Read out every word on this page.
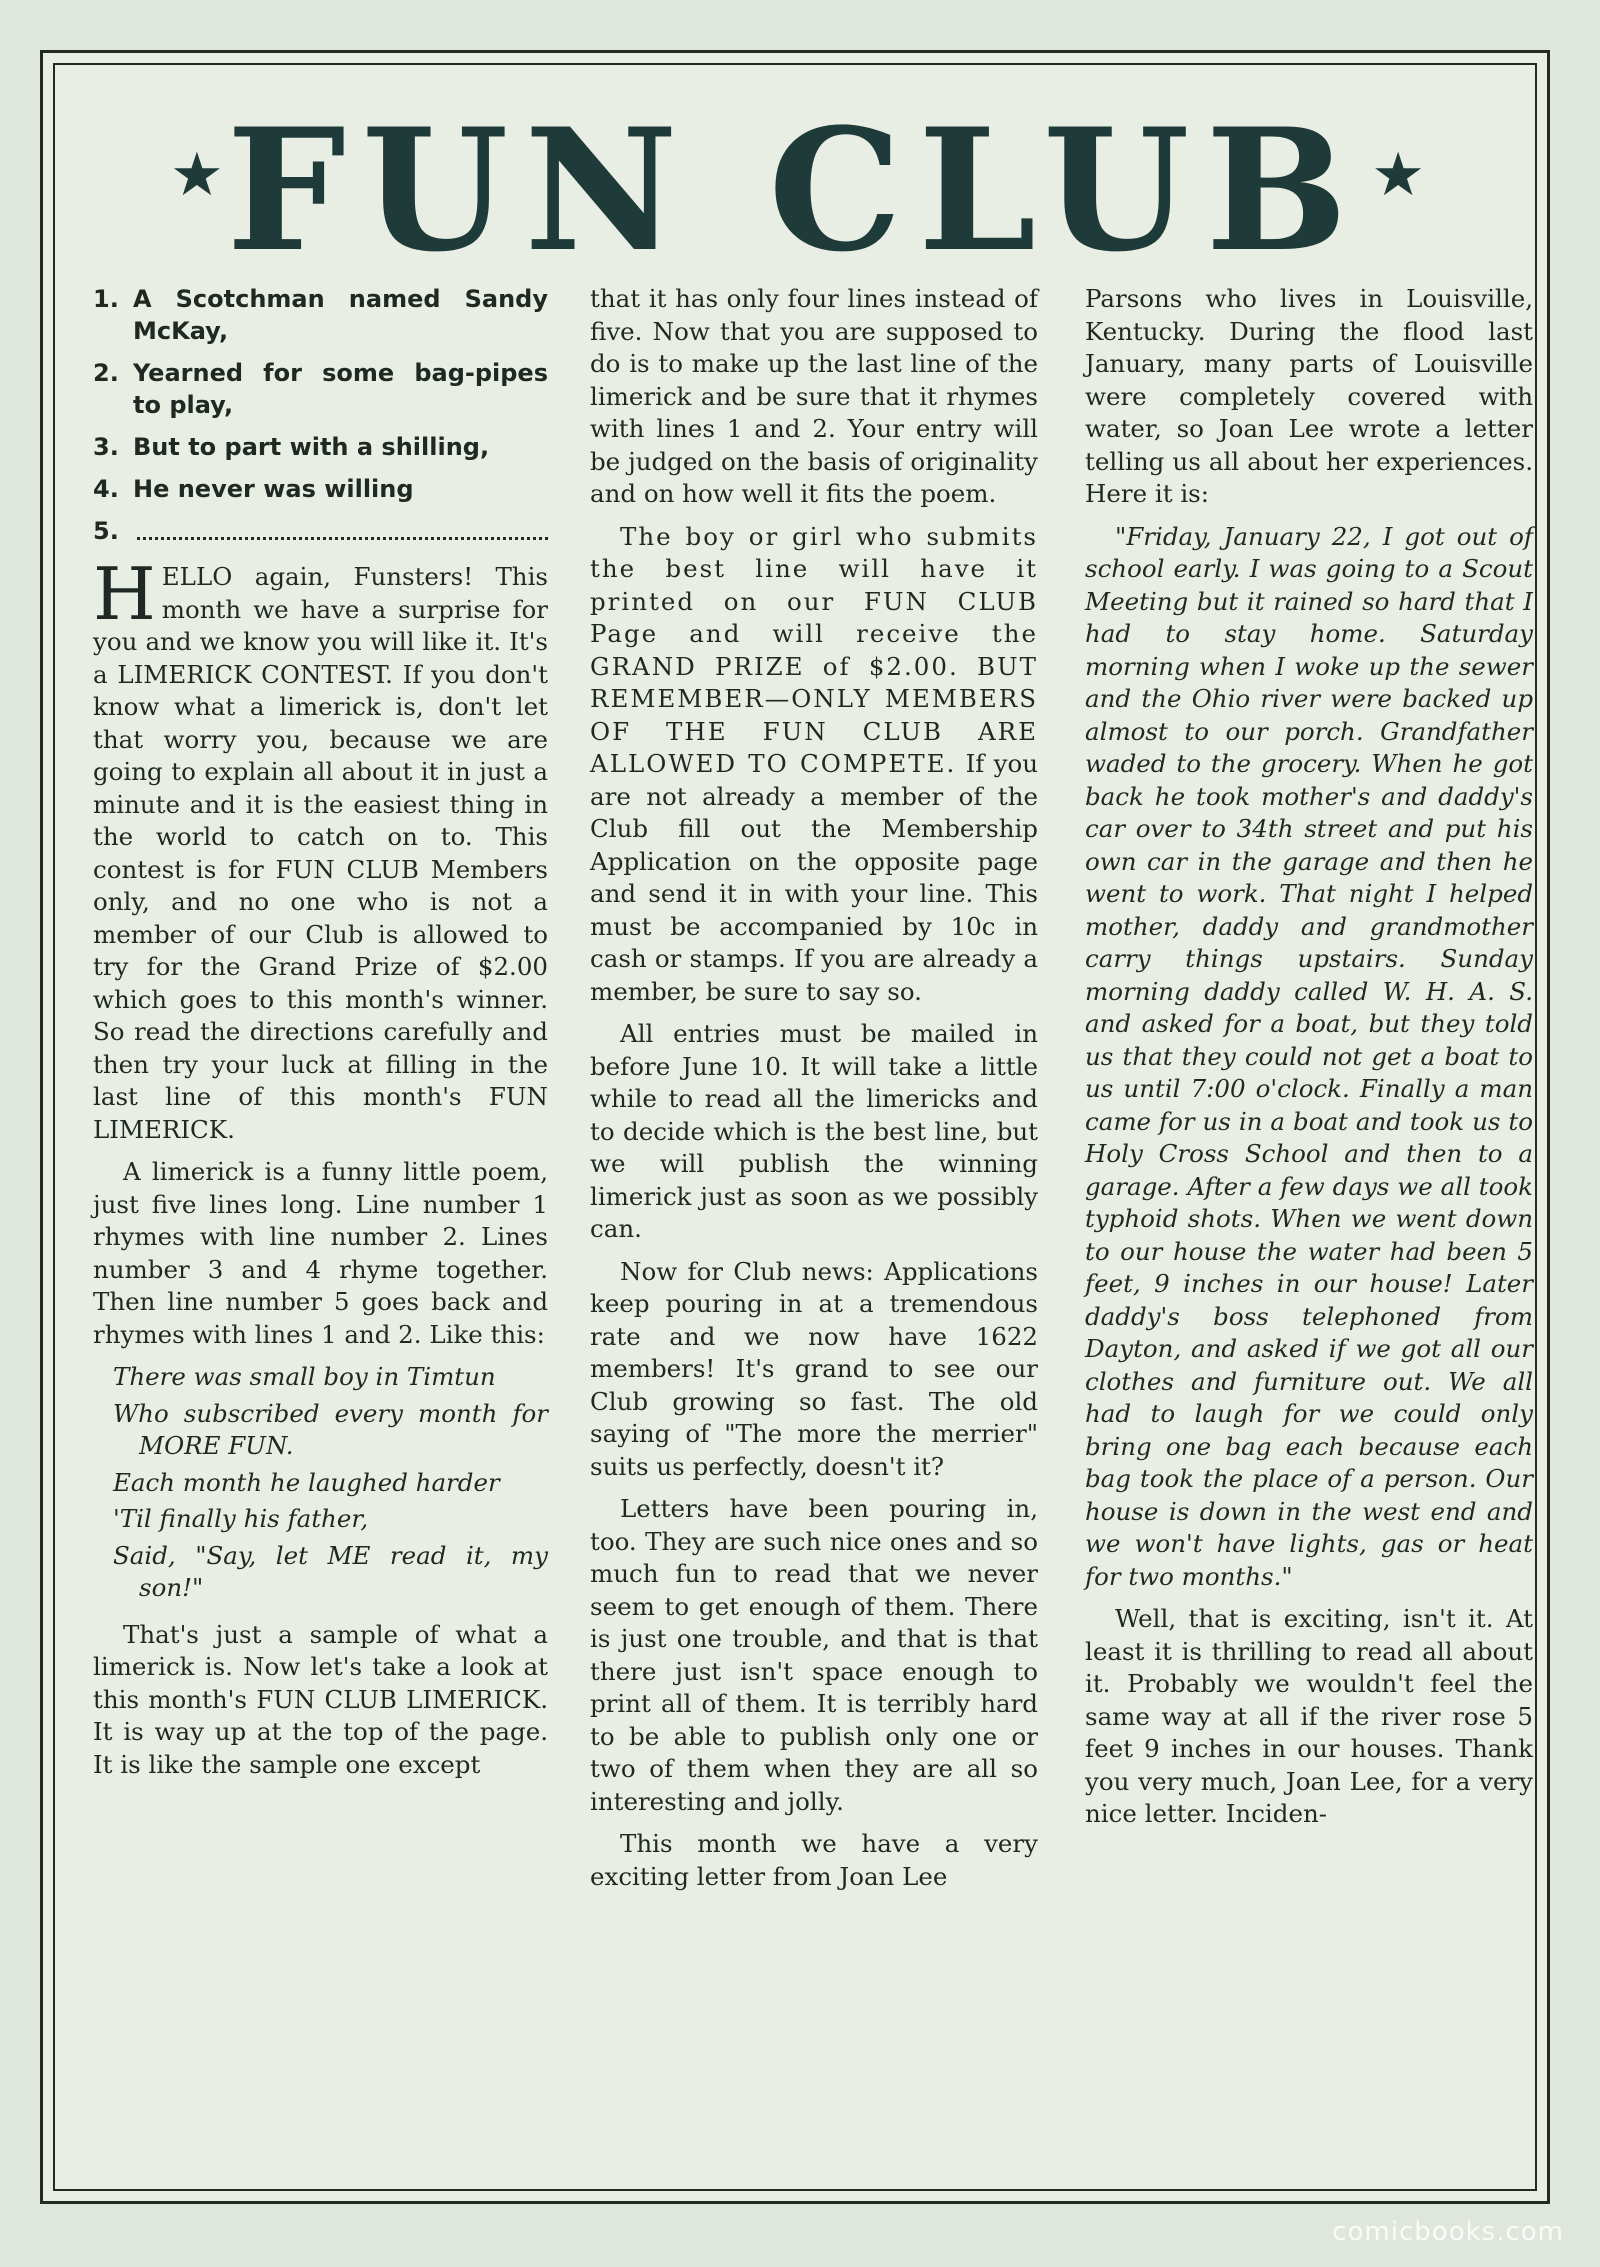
★	★
FUN CLUB
1. A Scotchman named Sandy McKay,
2. Yearned for some bag-pipes to play,
3. But to part with a shilling,
4. He never was willing
5.

HELLO again, Funsters! This month we have a surprise for you and we know you will like it. It's a LIMERICK CONTEST. If you don't know what a limerick is, don't let that worry you, because we are going to explain all about it in just a minute and it is the easiest thing in the world to catch on to. This contest is for FUN CLUB Members only, and no one who is not a member of our Club is allowed to try for the Grand Prize of $2.00 which goes to this month's winner. So read the directions carefully and then try your luck at filling in the last line of this month's FUN LIMERICK.

A limerick is a funny little poem, just five lines long. Line number 1 rhymes with line number 2. Lines number 3 and 4 rhyme together. Then line number 5 goes back and rhymes with lines 1 and 2. Like this:

There was small boy in Timtun
Who subscribed every month for MORE FUN.
Each month he laughed harder
'Til finally his father,
Said, "Say, let ME read it, my son!"

That's just a sample of what a limerick is. Now let's take a look at this month's FUN CLUB LIMERICK. It is way up at the top of the page. It is like the sample one except

that it has only four lines instead of five. Now that you are supposed to do is to make up the last line of the limerick and be sure that it rhymes with lines 1 and 2. Your entry will be judged on the basis of originality and on how well it fits the poem.

The boy or girl who submits the best line will have it printed on our FUN CLUB Page and will receive the GRAND PRIZE of $2.00. BUT REMEMBER—ONLY MEMBERS OF THE FUN CLUB ARE ALLOWED TO COMPETE. If you are not already a member of the Club fill out the Membership Application on the opposite page and send it in with your line. This must be accompanied by 10c in cash or stamps. If you are already a member, be sure to say so.

All entries must be mailed in before June 10. It will take a little while to read all the limericks and to decide which is the best line, but we will publish the winning limerick just as soon as we possibly can.

Now for Club news: Applications keep pouring in at a tremendous rate and we now have 1622 members! It's grand to see our Club growing so fast. The old saying of "The more the merrier" suits us perfectly, doesn't it?

Letters have been pouring in, too. They are such nice ones and so much fun to read that we never seem to get enough of them. There is just one trouble, and that is that there just isn't space enough to print all of them. It is terribly hard to be able to publish only one or two of them when they are all so interesting and jolly.

This month we have a very exciting letter from Joan Lee

Parsons who lives in Louisville, Kentucky. During the flood last January, many parts of Louisville were completely covered with water, so Joan Lee wrote a letter telling us all about her experiences. Here it is:

"Friday, January 22, I got out of school early. I was going to a Scout Meeting but it rained so hard that I had to stay home. Saturday morning when I woke up the sewer and the Ohio river were backed up almost to our porch. Grandfather waded to the grocery. When he got back he took mother's and daddy's car over to 34th street and put his own car in the garage and then he went to work. That night I helped mother, daddy and grandmother carry things upstairs. Sunday morning daddy called W. H. A. S. and asked for a boat, but they told us that they could not get a boat to us until 7:00 o'clock. Finally a man came for us in a boat and took us to Holy Cross School and then to a garage. After a few days we all took typhoid shots. When we went down to our house the water had been 5 feet, 9 inches in our house! Later daddy's boss telephoned from Dayton, and asked if we got all our clothes and furniture out. We all had to laugh for we could only bring one bag each because each bag took the place of a person. Our house is down in the west end and we won't have lights, gas or heat for two months."

Well, that is exciting, isn't it. At least it is thrilling to read all about it. Probably we wouldn't feel the same way at all if the river rose 5 feet 9 inches in our houses. Thank you very much, Joan Lee, for a very nice letter. Inciden-

comicbooks.com
